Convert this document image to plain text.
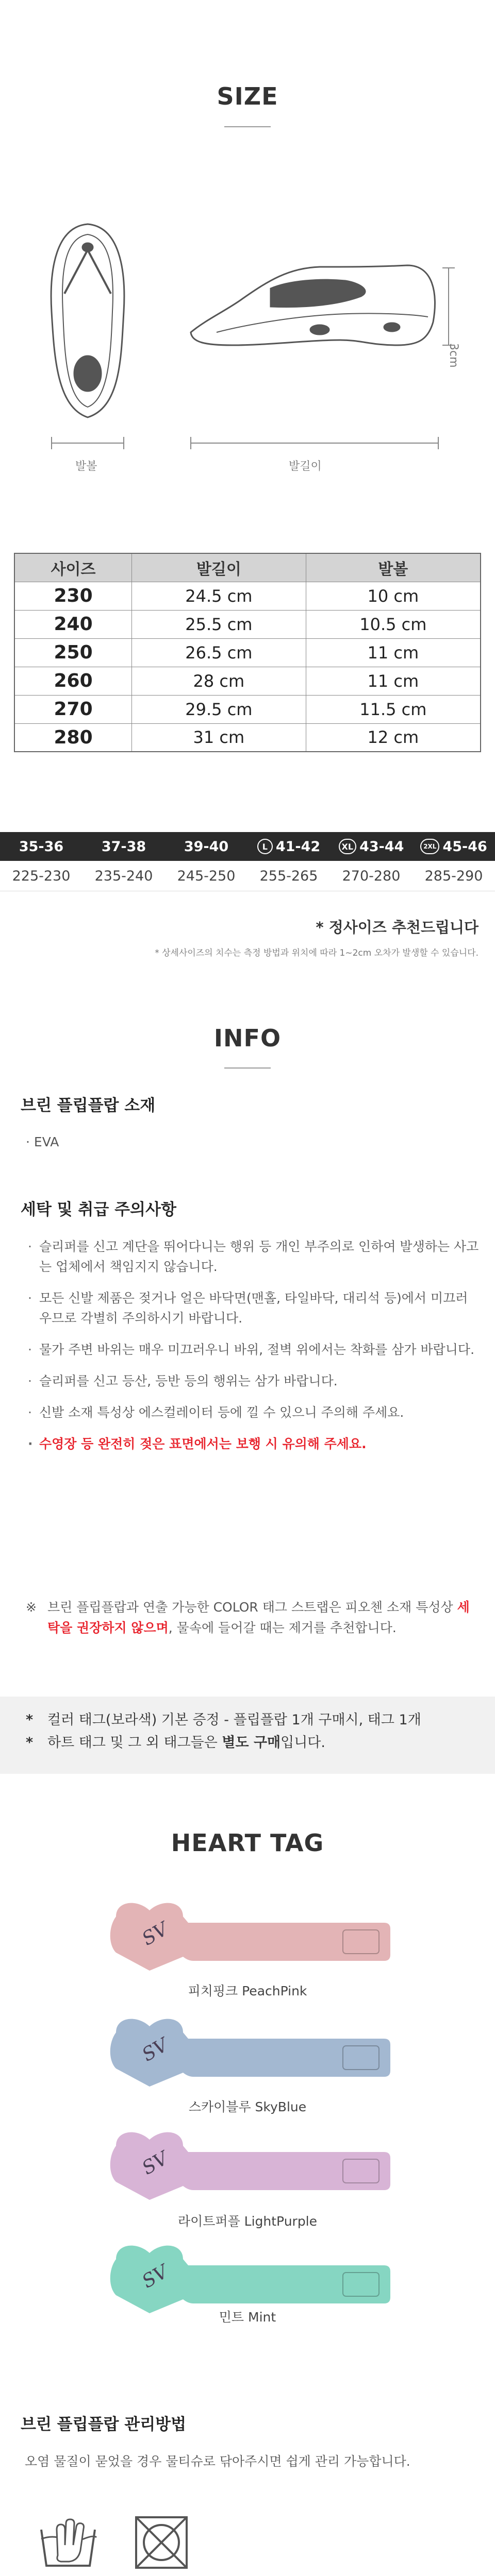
SIZE
발볼	발길이
3cm
사이즈	발길이	발볼
230	24.5 cm	10 cm
240	25.5 cm	10.5 cm
250	26.5 cm	11 cm
260	28 cm	11 cm
270	29.5 cm	11.5 cm
280	31 cm	12 cm
35-36	37-38	39-40	L 41-42	XL 43-44	2XL 45-46
225-230	235-240	245-250	255-265	270-280	285-290
* 정사이즈 추천드립니다
* 상세사이즈의 치수는 측정 방법과 위치에 따라 1~2cm 오차가 발생할 수 있습니다.
INFO
브린 플립플랍 소재
· EVA
세탁 및 취급 주의사항
· 슬리퍼를 신고 계단을 뛰어다니는 행위 등 개인 부주의로 인하여 발생하는 사고는 업체에서 책임지지 않습니다.
· 모든 신발 제품은 젖거나 얼은 바닥면(맨홀, 타일바닥, 대리석 등)에서 미끄러우므로 각별히 주의하시기 바랍니다.
· 물가 주변 바위는 매우 미끄러우니 바위, 절벽 위에서는 착화를 삼가 바랍니다.
· 슬리퍼를 신고 등산, 등반 등의 행위는 삼가 바랍니다.
· 신발 소재 특성상 에스컬레이터 등에 낄 수 있으니 주의해 주세요.
· 수영장 등 완전히 젖은 표면에서는 보행 시 유의해 주세요.
※ 브린 플립플랍과 연출 가능한 COLOR 태그 스트랩은 피오첸 소재 특성상 세탁을 권장하지 않으며, 물속에 들어갈 때는 제거를 추천합니다.

* 컬러 태그(보라색) 기본 증정 - 플립플랍 1개 구매시, 태그 1개

* 하트 태그 및 그 외 태그들은 별도 구매입니다.

HEART TAG
SV
피치핑크 PeachPink
SV
스카이블루 SkyBlue
SV
라이트퍼플 LightPurple
SV
민트 Mint
브린 플립플랍 관리방법
오염 물질이 묻었을 경우 물티슈로 닦아주시면 쉽게 관리 가능합니다.
